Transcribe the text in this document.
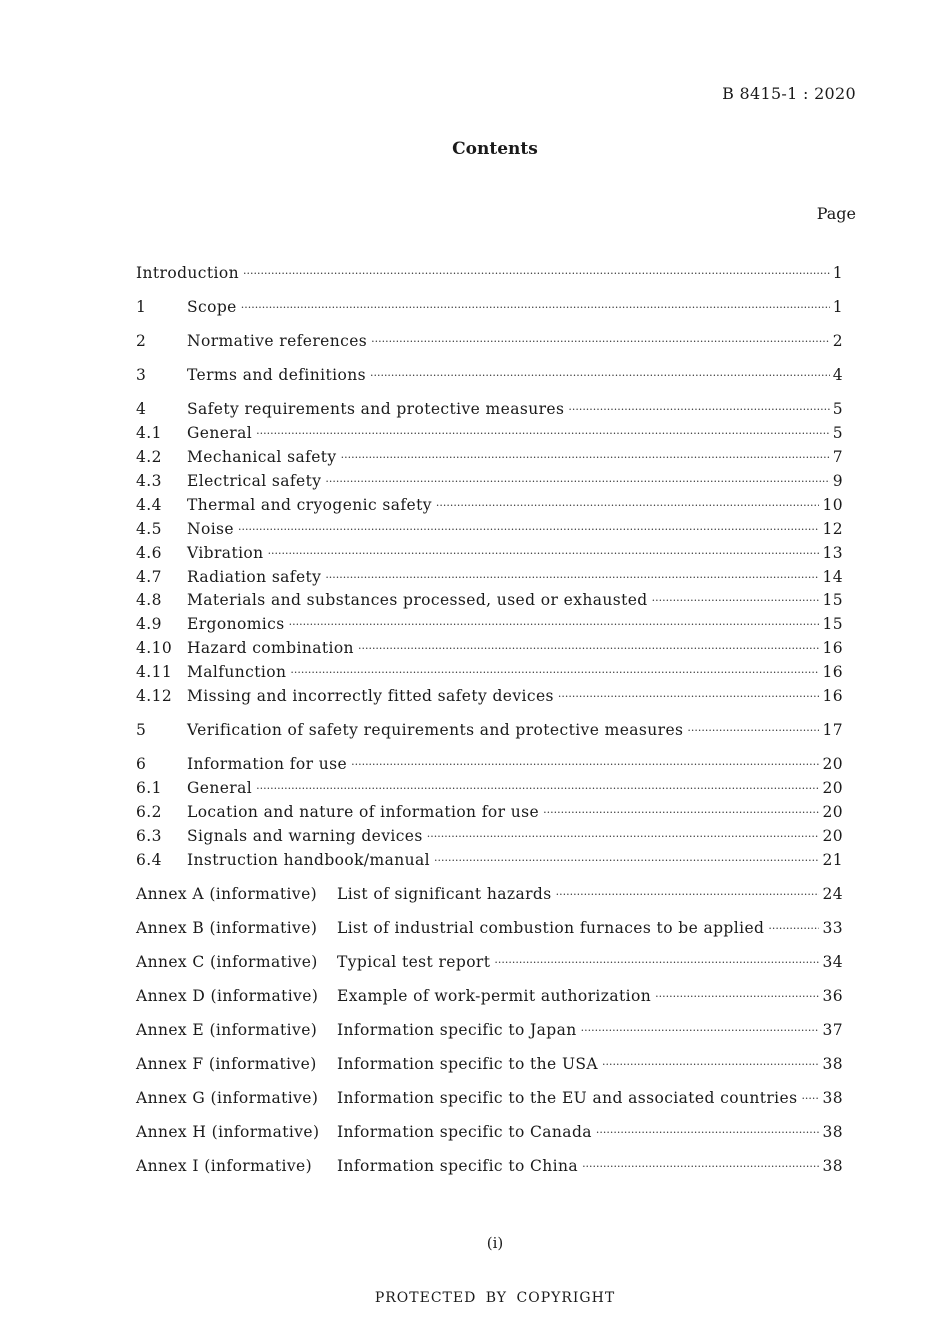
B 8415-1 : 2020
Contents
Page
Introduction ·····	1
1	Scope ·····	1
2	Normative references ·····	2
3	Terms and definitions ·····	4
4	Safety requirements and protective measures ·····	5
4.1	General ·····	5
4.2	Mechanical safety ·····	7
4.3	Electrical safety ·····	9
4.4	Thermal and cryogenic safety ·····	10
4.5	Noise ·····	12
4.6	Vibration ·····	13
4.7	Radiation safety ·····	14
4.8	Materials and substances processed, used or exhausted ·····	15
4.9	Ergonomics ·····	15
4.10 Hazard combination ·····	16
4.11 Malfunction ·····	16
4.12 Missing and incorrectly fitted safety devices ·····	16
5	Verification of safety requirements and protective measures ·····	17
6	Information for use ·····	20
6.1	General ·····	20
6.2	Location and nature of information for use ·····	20
6.3	Signals and warning devices ·····	20
6.4	Instruction handbook/manual ·····	21
Annex A (informative)	List of significant hazards ·····	24
Annex B (informative)	List of industrial combustion furnaces to be applied ·····	33
Annex C (informative)	Typical test report ·····	34
Annex D (informative)	Example of work-permit authorization ·····	36
Annex E (informative)	Information specific to Japan ·····	37
Annex F (informative)	Information specific to the USA ·····	38
Annex G (informative)	Information specific to the EU and associated countries ····· 38
Annex H (informative)	Information specific to Canada ·····	38
Annex I (informative)	Information specific to China ·····	38
(i)
PROTECTED BY COPYRIGHT
